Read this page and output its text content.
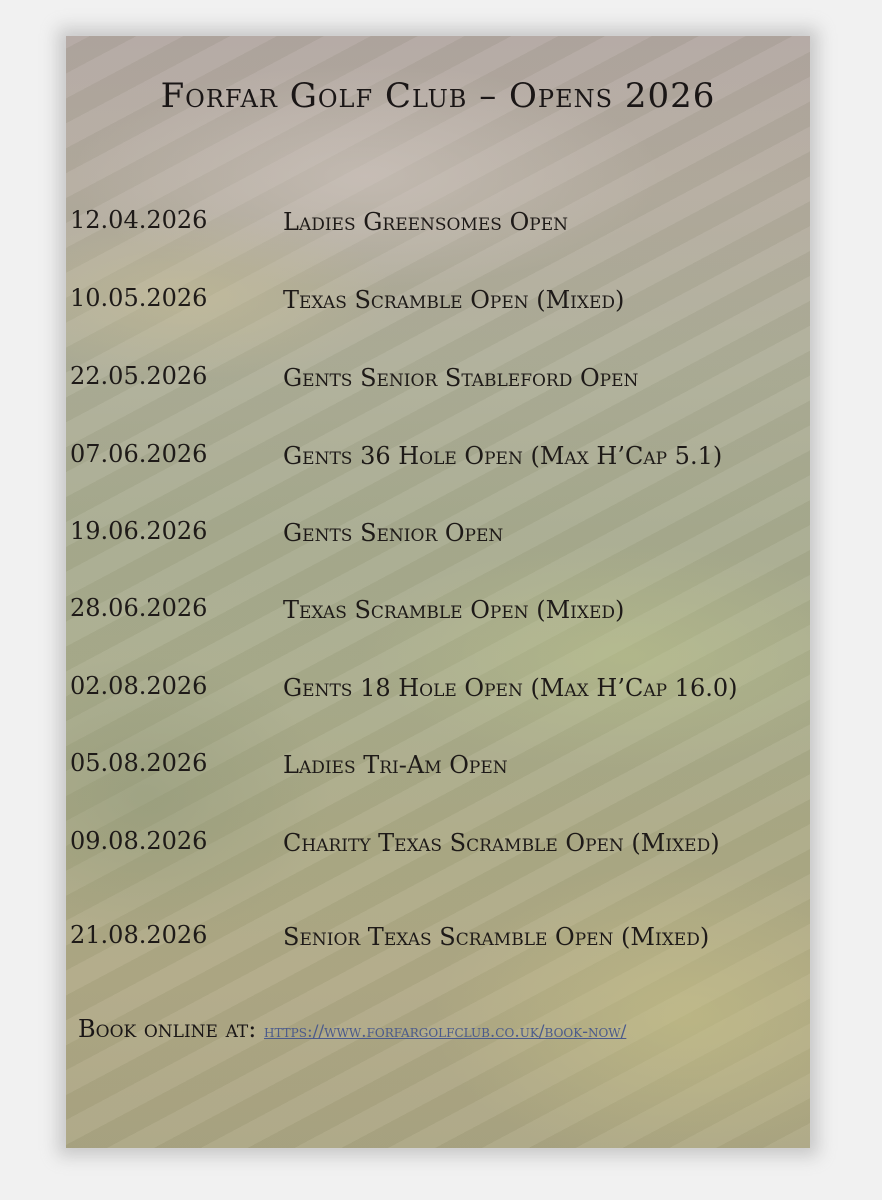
Forfar Golf Club – Opens 2026
12.04.2026	Ladies Greensomes Open
10.05.2026	Texas Scramble Open (Mixed)
22.05.2026	Gents Senior Stableford Open
07.06.2026	Gents 36 Hole Open (Max H’Cap 5.1)
19.06.2026	Gents Senior Open
28.06.2026	Texas Scramble Open (Mixed)
02.08.2026	Gents 18 Hole Open (Max H’Cap 16.0)
05.08.2026	Ladies Tri-Am Open
09.08.2026	Charity Texas Scramble Open (Mixed)
21.08.2026	Senior Texas Scramble Open (Mixed)
Book online at: https://www.forfargolfclub.co.uk/book-now/
